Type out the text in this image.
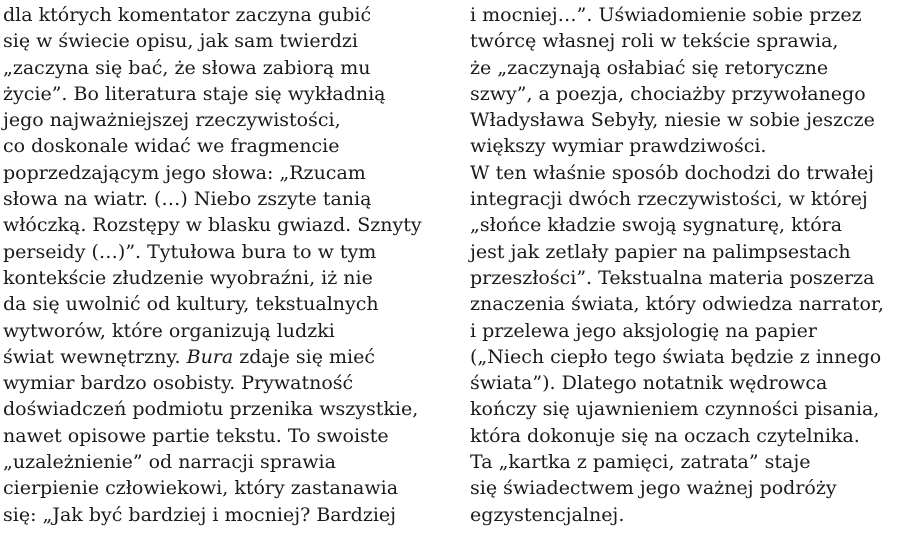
dla których komentator zaczyna gubić
się w świecie opisu, jak sam twierdzi
„zaczyna się bać, że słowa zabiorą mu
życie”. Bo literatura staje się wykładnią
jego najważniejszej rzeczywistości,
co doskonale widać we fragmencie
poprzedzającym jego słowa: „Rzucam
słowa na wiatr. (…) Niebo zszyte tanią
włóczką. Rozstępy w blasku gwiazd. Sznyty
perseidy (…)”. Tytułowa bura to w tym
kontekście złudzenie wyobraźni, iż nie
da się uwolnić od kultury, tekstualnych
wytworów, które organizują ludzki
świat wewnętrzny. Bura zdaje się mieć
wymiar bardzo osobisty. Prywatność
doświadczeń podmiotu przenika wszystkie,
nawet opisowe partie tekstu. To swoiste
„uzależnienie” od narracji sprawia
cierpienie człowiekowi, który zastanawia
się: „Jak być bardziej i mocniej? Bardziej
i mocniej…”. Uświadomienie sobie przez
twórcę własnej roli w tekście sprawia,
że „zaczynają osłabiać się retoryczne
szwy”, a poezja, chociażby przywołanego
Władysława Sebyły, niesie w sobie jeszcze
większy wymiar prawdziwości.
W ten właśnie sposób dochodzi do trwałej
integracji dwóch rzeczywistości, w której
„słońce kładzie swoją sygnaturę, która
jest jak zetlały papier na palimpsestach
przeszłości”. Tekstualna materia poszerza
znaczenia świata, który odwiedza narrator,
i przelewa jego aksjologię na papier
(„Niech ciepło tego świata będzie z innego
świata”). Dlatego notatnik wędrowca
kończy się ujawnieniem czynności pisania,
która dokonuje się na oczach czytelnika.
Ta „kartka z pamięci, zatrata” staje
się świadectwem jego ważnej podróży
egzystencjalnej.
